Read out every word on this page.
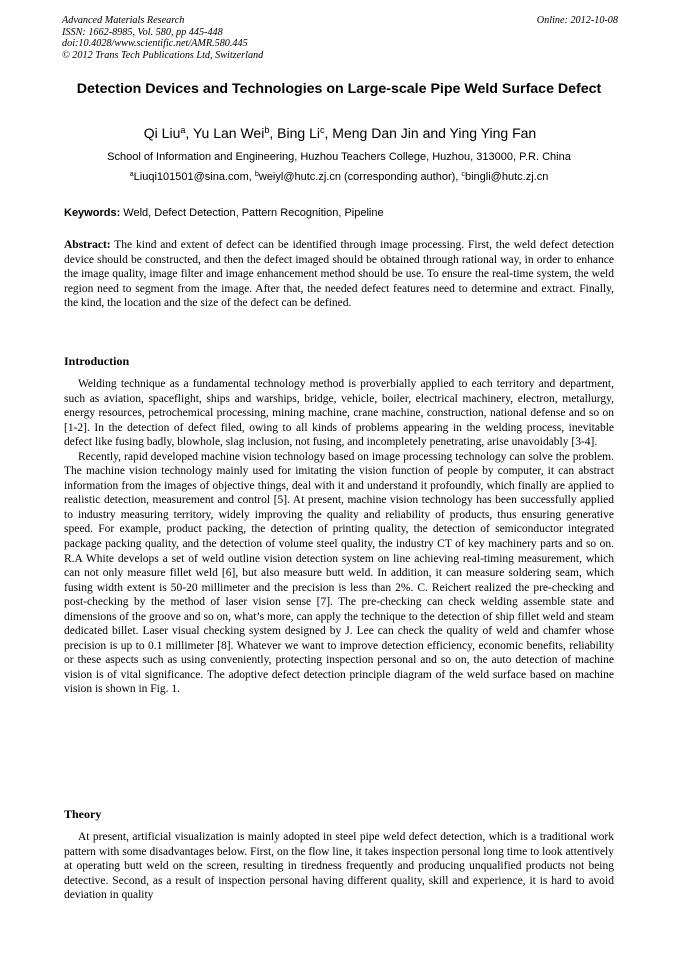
Advanced Materials Research
ISSN: 1662-8985, Vol. 580, pp 445-448
doi:10.4028/www.scientific.net/AMR.580.445
© 2012 Trans Tech Publications Ltd, Switzerland
Online: 2012-10-08
Detection Devices and Technologies on Large-scale Pipe Weld Surface Defect
Qi Liu$^a$, Yu Lan Wei$^b$, Bing Li$^c$, Meng Dan Jin and Ying Ying Fan
School of Information and Engineering, Huzhou Teachers College, Huzhou, 313000, P.R. China
$^a$Liuqi101501@sina.com, $^b$weiyl@hutc.zj.cn (corresponding author), $^c$bingli@hutc.zj.cn
Keywords: Weld, Defect Detection, Pattern Recognition, Pipeline
Abstract: The kind and extent of defect can be identified through image processing. First, the weld defect detection device should be constructed, and then the defect imaged should be obtained through rational way, in order to enhance the image quality, image filter and image enhancement method should be use. To ensure the real-time system, the weld region need to segment from the image. After that, the needed defect features need to determine and extract. Finally, the kind, the location and the size of the defect can be defined.
Introduction

Welding technique as a fundamental technology method is proverbially applied to each territory and department, such as aviation, spaceflight, ships and warships, bridge, vehicle, boiler, electrical machinery, electron, metallurgy, energy resources, petrochemical processing, mining machine, crane machine, construction, national defense and so on [1-2]. In the detection of defect filed, owing to all kinds of problems appearing in the welding process, inevitable defect like fusing badly, blowhole, slag inclusion, not fusing, and incompletely penetrating, arise unavoidably [3-4].

Recently, rapid developed machine vision technology based on image processing technology can solve the problem. The machine vision technology mainly used for imitating the vision function of people by computer, it can abstract information from the images of objective things, deal with it and understand it profoundly, which finally are applied to realistic detection, measurement and control [5]. At present, machine vision technology has been successfully applied to industry measuring territory, widely improving the quality and reliability of products, thus ensuring generative speed. For example, product packing, the detection of printing quality, the detection of semiconductor integrated package packing quality, and the detection of volume steel quality, the industry CT of key machinery parts and so on. R.A White develops a set of weld outline vision detection system on line achieving real-timing measurement, which can not only measure fillet weld [6], but also measure butt weld. In addition, it can measure soldering seam, which fusing width extent is 50-20 millimeter and the precision is less than 2%. C. Reichert realized the pre-checking and post-checking by the method of laser vision sense [7]. The pre-checking can check welding assemble state and dimensions of the groove and so on, what’s more, can apply the technique to the detection of ship fillet weld and steam dedicated billet. Laser visual checking system designed by J. Lee can check the quality of weld and chamfer whose precision is up to 0.1 millimeter [8]. Whatever we want to improve detection efficiency, economic benefits, reliability or these aspects such as using conveniently, protecting inspection personal and so on, the auto detection of machine vision is of vital significance. The adoptive defect detection principle diagram of the weld surface based on machine vision is shown in Fig. 1.

Theory

At present, artificial visualization is mainly adopted in steel pipe weld defect detection, which is a traditional work pattern with some disadvantages below. First, on the flow line, it takes inspection personal long time to look attentively at operating butt weld on the screen, resulting in tiredness frequently and producing unqualified products not being detective. Second, as a result of inspection personal having different quality, skill and experience, it is hard to avoid deviation in quality
